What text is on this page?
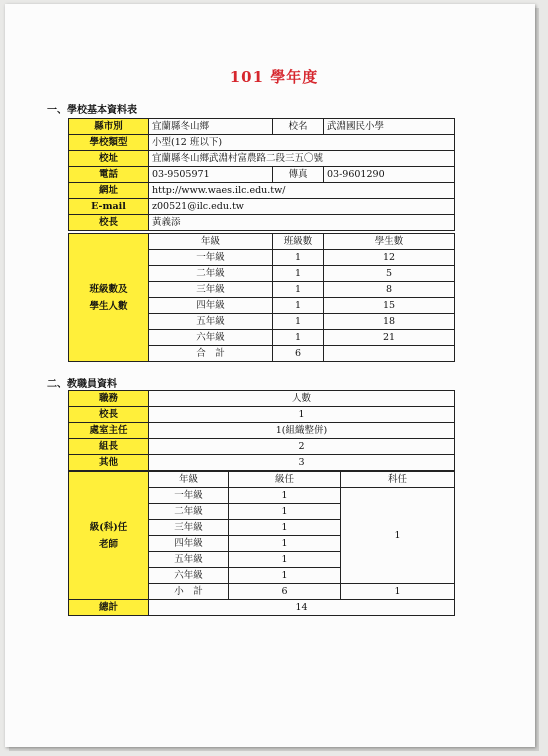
101 學年度
一、學校基本資料表
縣市別	宜蘭縣冬山鄉	校名	武淵國民小學
學校類型	小型(12 班以下)		
校址	宜蘭縣冬山鄉武淵村富農路二段三五〇號		
電話	03-9505971	傳真	03-9601290
網址	http://www.waes.ilc.edu.tw/		
E-mail	z00521@ilc.edu.tw		
校長	黃義添		
班級數及
學生人數	年級	班級數	學生數
	一年級	1	12
	二年級	1	5
	三年級	1	8
	四年級	1	15
	五年級	1	18
	六年級	1	21
	合　計	6	
二、教職員資料
職務	人數
校長	1
處室主任	1(組織整併)
組長	2
其他	3
級(科)任
老師	年級	級任	科任
	一年級	1	1
	二年級	1	
	三年級	1	
	四年級	1	
	五年級	1	
	六年級	1	
	小　計	6	1
總計	14		
